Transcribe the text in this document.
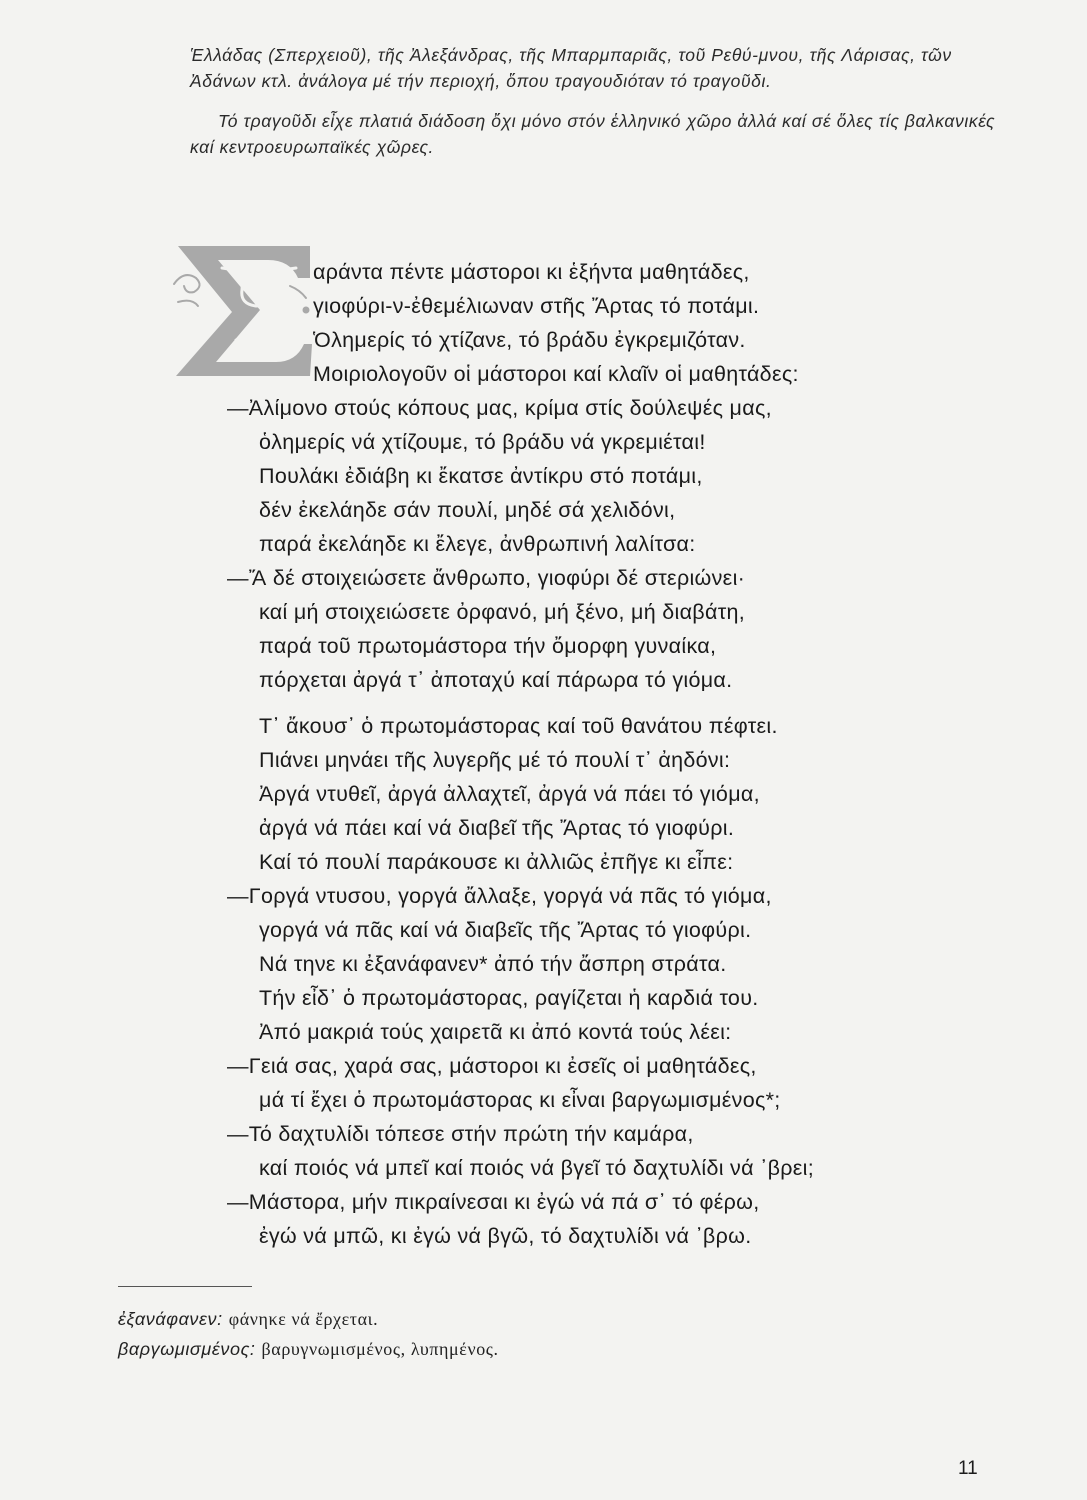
Ἑλλάδας (Σπερχειοῦ), τῆς Ἀλεξάνδρας, τῆς Μπαρμπαριᾶς, τοῦ Ρεθύ-μνου, τῆς Λάρισας, τῶν Ἀδάνων κτλ. ἀνάλογα μέ τήν περιοχή, ὅπου τραγουδιόταν τό τραγοῦδι.

Τό τραγοῦδι εἶχε πλατιά διάδοση ὄχι μόνο στόν ἑλληνικό χῶρο ἀλλά καί σέ ὅλες τίς βαλκανικές καί κεντροευρωπαϊκές χῶρες.

Σ
αράντα πέντε μάστοροι κι ἑξήντα μαθητάδες,
γιοφύρι-ν-ἐθεμέλιωναν στῆς Ἄρτας τό ποτάμι.
Ὁλημερίς τό χτίζανε, τό βράδυ ἐγκρεμιζόταν.
Μοιριολογοῦν οἱ μάστοροι καί κλαῖν οἱ μαθητάδες:
—Ἀλίμονο στούς κόπους μας, κρίμα στίς δούλεψές μας,
ὁλημερίς νά χτίζουμε, τό βράδυ νά γκρεμιέται!
Πουλάκι ἐδιάβη κι ἔκατσε ἀντίκρυ στό ποτάμι,
δέν ἐκελάηδε σάν πουλί, μηδέ σά χελιδόνι,
παρά ἐκελάηδε κι ἔλεγε, ἀνθρωπινή λαλίτσα:
—Ἄ δέ στοιχειώσετε ἄνθρωπο, γιοφύρι δέ στεριώνει·
καί μή στοιχειώσετε ὀρφανό, μή ξένο, μή διαβάτη,
παρά τοῦ πρωτομάστορα τήν ὄμορφη γυναίκα,
πόρχεται ἀργά τ᾽ ἀποταχύ καί πάρωρα τό γιόμα.
Τ᾽ ἄκουσ᾽ ὁ πρωτομάστορας καί τοῦ θανάτου πέφτει.
Πιάνει μηνάει τῆς λυγερῆς μέ τό πουλί τ᾽ ἀηδόνι:
Ἀργά ντυθεῖ, ἀργά ἀλλαχτεῖ, ἀργά νά πάει τό γιόμα,
ἀργά νά πάει καί νά διαβεῖ τῆς Ἄρτας τό γιοφύρι.
Καί τό πουλί παράκουσε κι ἀλλιῶς ἐπῆγε κι εἶπε:
—Γοργά ντυσου, γοργά ἄλλαξε, γοργά νά πᾶς τό γιόμα,
γοργά νά πᾶς καί νά διαβεῖς τῆς Ἄρτας τό γιοφύρι.
Νά τηνε κι ἐξανάφανεν* ἀπό τήν ἄσπρη στράτα.
Τήν εἶδ᾽ ὁ πρωτομάστορας, ραγίζεται ἡ καρδιά του.
Ἀπό μακριά τούς χαιρετᾶ κι ἀπό κοντά τούς λέει:
—Γειά σας, χαρά σας, μάστοροι κι ἐσεῖς οἱ μαθητάδες,
μά τί ἔχει ὁ πρωτομάστορας κι εἶναι βαργωμισμένος*;
—Τό δαχτυλίδι τόπεσε στήν πρώτη τήν καμάρα,
καί ποιός νά μπεῖ καί ποιός νά βγεῖ τό δαχτυλίδι νά ᾽βρει;
—Μάστορα, μήν πικραίνεσαι κι ἐγώ νά πά σ᾽ τό φέρω,
ἐγώ νά μπῶ, κι ἐγώ νά βγῶ, τό δαχτυλίδι νά ᾽βρω.
ἐξανάφανεν: φάνηκε νά ἔρχεται.
βαργωμισμένος: βαρυγνωμισμένος, λυπημένος.
11
